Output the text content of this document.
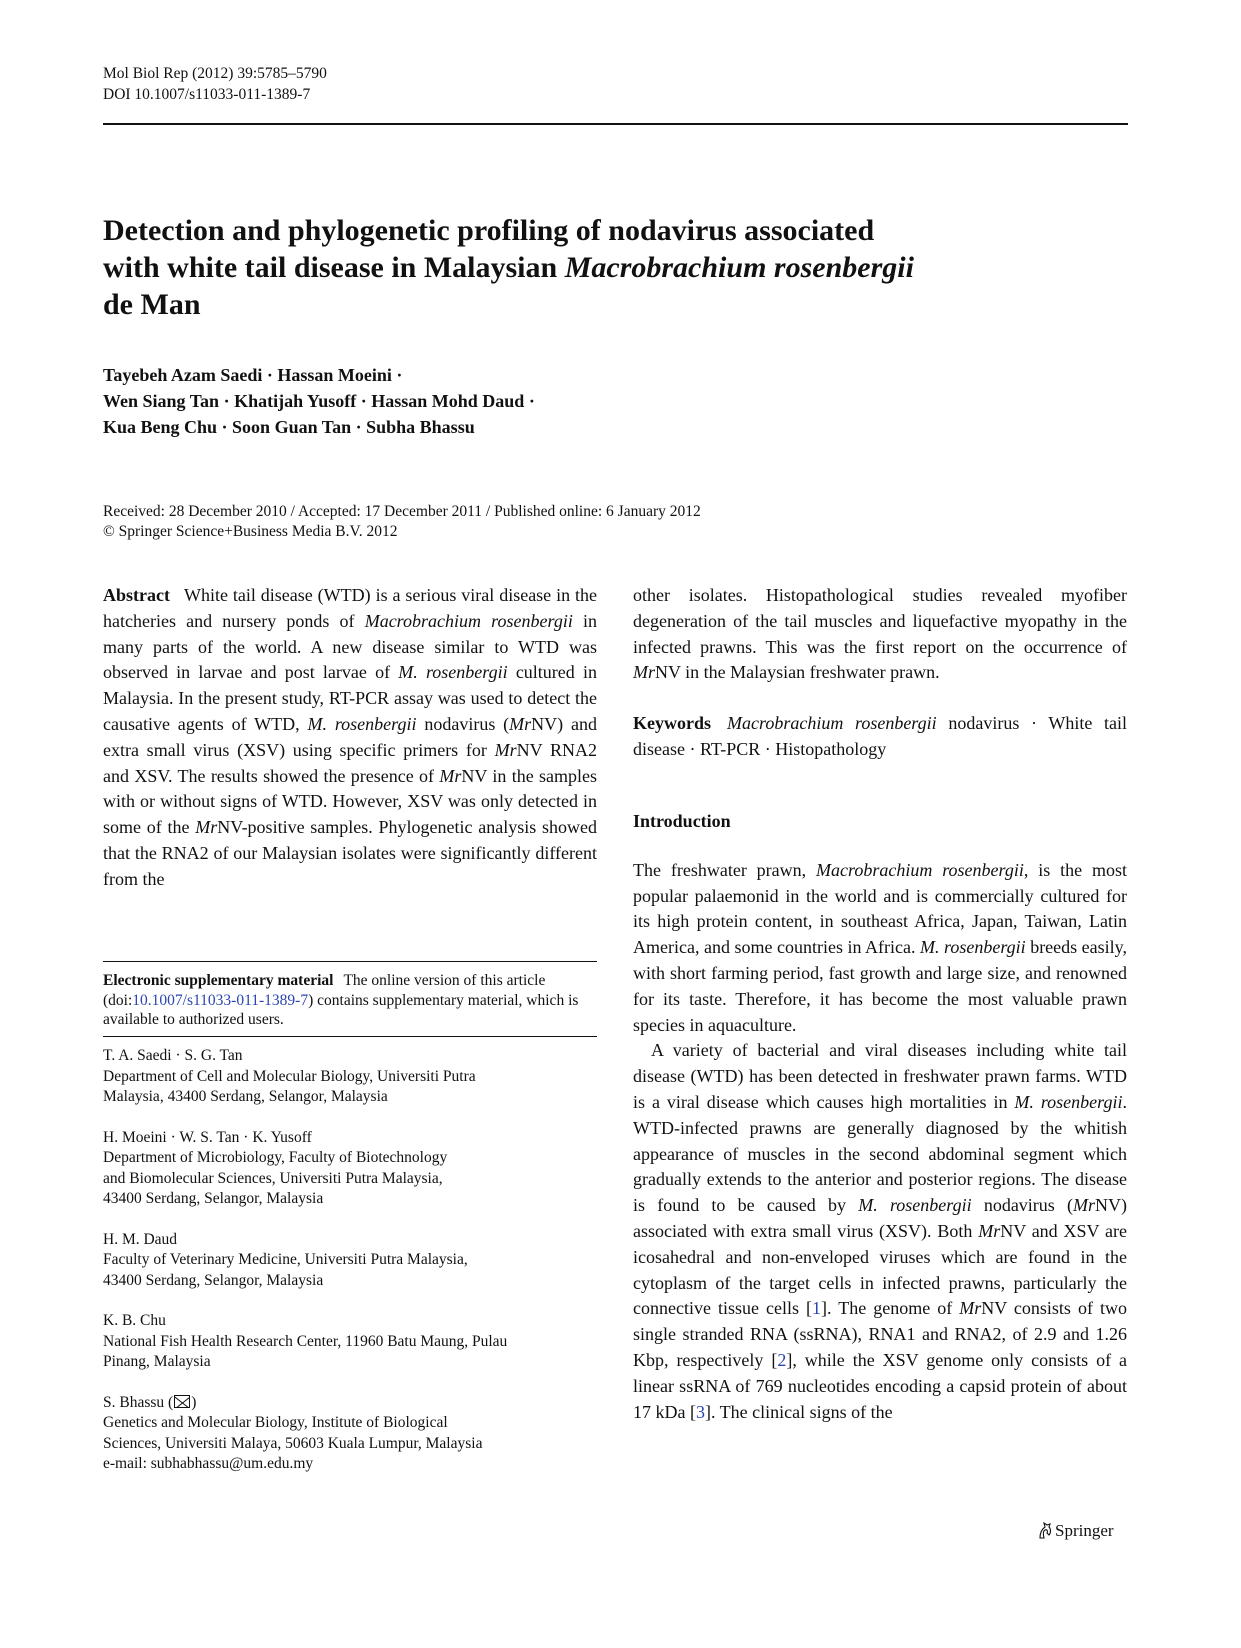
Mol Biol Rep (2012) 39:5785–5790
DOI 10.1007/s11033-011-1389-7
Detection and phylogenetic profiling of nodavirus associated
with white tail disease in Malaysian Macrobrachium rosenbergii
de Man
Tayebeh Azam Saedi · Hassan Moeini ·
Wen Siang Tan · Khatijah Yusoff · Hassan Mohd Daud ·
Kua Beng Chu · Soon Guan Tan · Subha Bhassu
Received: 28 December 2010 / Accepted: 17 December 2011 / Published online: 6 January 2012
© Springer Science+Business Media B.V. 2012

Abstract White tail disease (WTD) is a serious viral disease in the hatcheries and nursery ponds of Macrobrachium rosenbergii in many parts of the world. A new disease similar to WTD was observed in larvae and post larvae of M. rosenbergii cultured in Malaysia. In the present study, RT-PCR assay was used to detect the causative agents of WTD, M. rosenbergii nodavirus (MrNV) and extra small virus (XSV) using specific primers for MrNV RNA2 and XSV. The results showed the presence of MrNV in the samples with or without signs of WTD. However, XSV was only detected in some of the MrNV-positive samples. Phylogenetic analysis showed that the RNA2 of our Malaysian isolates were significantly different from the

Electronic supplementary material The online version of this article (doi:10.1007/s11033-011-1389-7) contains supplementary material, which is available to authorized users.

T. A. Saedi · S. G. Tan

Department of Cell and Molecular Biology, Universiti Putra

Malaysia, 43400 Serdang, Selangor, Malaysia

H. Moeini · W. S. Tan · K. Yusoff

Department of Microbiology, Faculty of Biotechnology

and Biomolecular Sciences, Universiti Putra Malaysia,

43400 Serdang, Selangor, Malaysia

H. M. Daud

Faculty of Veterinary Medicine, Universiti Putra Malaysia,

43400 Serdang, Selangor, Malaysia

K. B. Chu

National Fish Health Research Center, 11960 Batu Maung, Pulau

Pinang, Malaysia

S. Bhassu ( )

Genetics and Molecular Biology, Institute of Biological

Sciences, Universiti Malaya, 50603 Kuala Lumpur, Malaysia

e-mail: subhabhassu@um.edu.my

other isolates. Histopathological studies revealed myofiber degeneration of the tail muscles and liquefactive myopathy in the infected prawns. This was the first report on the occurrence of MrNV in the Malaysian freshwater prawn.

Keywords Macrobrachium rosenbergii nodavirus · White tail disease · RT-PCR · Histopathology

Introduction

The freshwater prawn, Macrobrachium rosenbergii, is the most popular palaemonid in the world and is commercially cultured for its high protein content, in southeast Africa, Japan, Taiwan, Latin America, and some countries in Africa. M. rosenbergii breeds easily, with short farming period, fast growth and large size, and renowned for its taste. Therefore, it has become the most valuable prawn species in aquaculture.

A variety of bacterial and viral diseases including white tail disease (WTD) has been detected in freshwater prawn farms. WTD is a viral disease which causes high mortalities in M. rosenbergii. WTD-infected prawns are generally diagnosed by the whitish appearance of muscles in the second abdominal segment which gradually extends to the anterior and posterior regions. The disease is found to be caused by M. rosenbergii nodavirus (MrNV) associated with extra small virus (XSV). Both MrNV and XSV are icosahedral and non-enveloped viruses which are found in the cytoplasm of the target cells in infected prawns, particularly the connective tissue cells [1]. The genome of MrNV consists of two single stranded RNA (ssRNA), RNA1 and RNA2, of 2.9 and 1.26 Kbp, respectively [2], while the XSV genome only consists of a linear ssRNA of 769 nucleotides encoding a capsid protein of about 17 kDa [3]. The clinical signs of the

Springer
